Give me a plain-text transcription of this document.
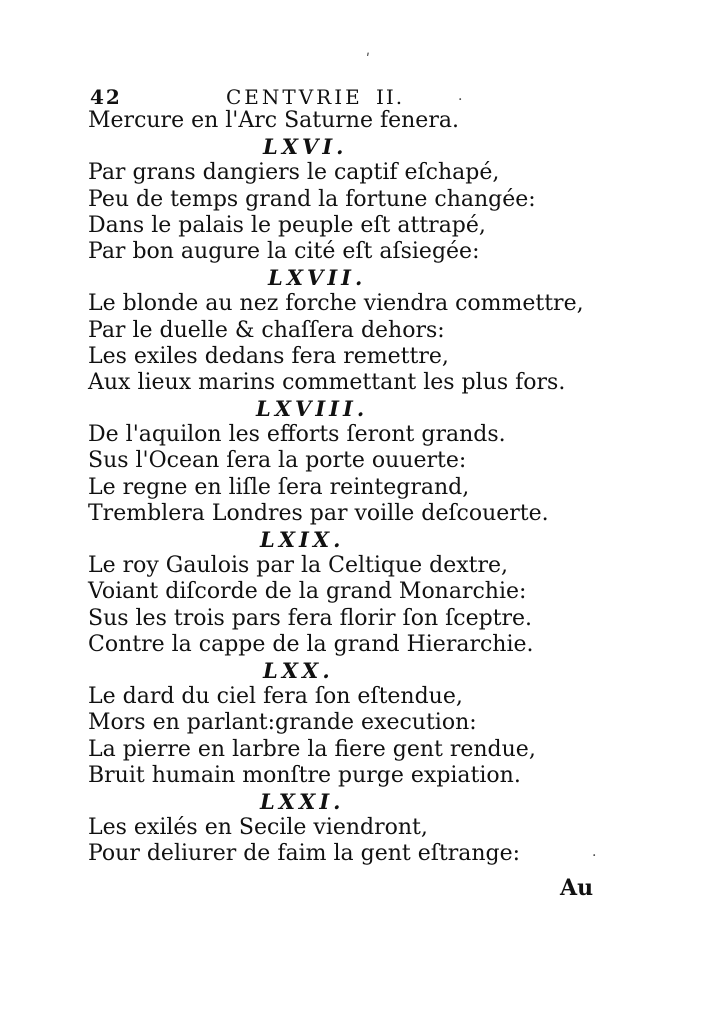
ʹ
·
·
42	CENTVRIE II.
Mercure en l'Arc Saturne fenera.
LXVI.
Par grans dangiers le captif eſchapé,
Peu de temps grand la fortune changée:
Dans le palais le peuple eſt attrapé,
Par bon augure la cité eſt aſsiegée:
LXVII.
Le blonde au nez forche viendra commettre,
Par le duelle & chaſſera dehors:
Les exiles dedans fera remettre,
Aux lieux marins commettant les plus fors.
LXVIII.
De l'aquilon les efforts ſeront grands.
Sus l'Ocean ſera la porte ouuerte:
Le regne en liſle ſera reintegrand,
Tremblera Londres par voille deſcouerte.
LXIX.
Le roy Gaulois par la Celtique dextre,
Voiant diſcorde de la grand Monarchie:
Sus les trois pars fera florir ſon ſceptre.
Contre la cappe de la grand Hierarchie.
LXX.
Le dard du ciel fera ſon eſtendue,
Mors en parlant:grande execution:
La pierre en larbre la fiere gent rendue,
Bruit humain monſtre purge expiation.
LXXI.
Les exilés en Secile viendront,
Pour deliurer de faim la gent eſtrange:
Au
